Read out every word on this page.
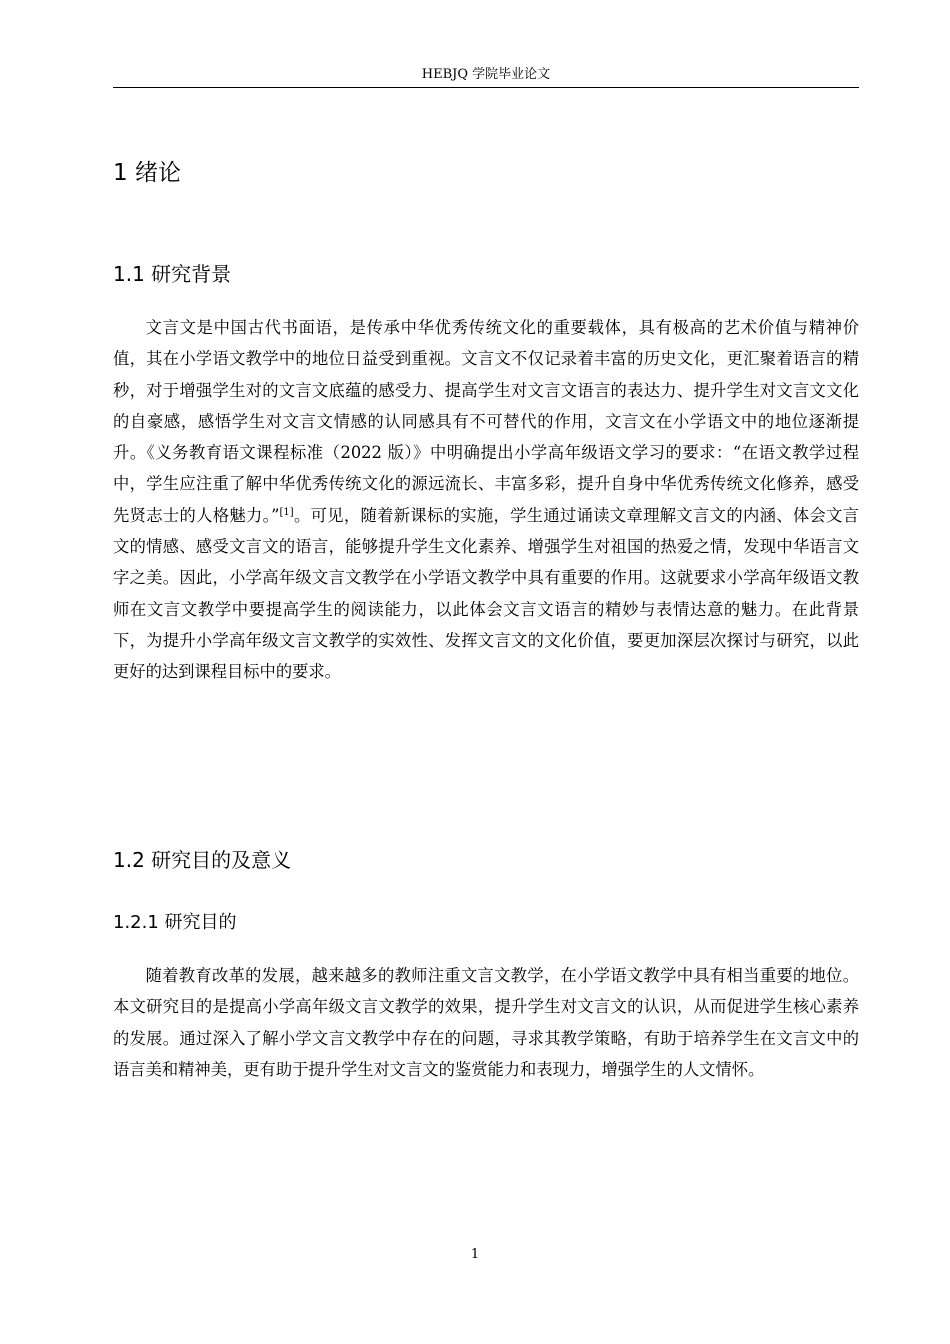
HEBJQ 学院毕业论文
1 绪论
1.1 研究背景

文言文是中国古代书面语，是传承中华优秀传统文化的重要载体，具有极高的艺术价值与精神价值，其在小学语文教学中的地位日益受到重视。文言文不仅记录着丰富的历史文化，更汇聚着语言的精秒，对于增强学生对的文言文底蕴的感受力、提高学生对文言文语言的表达力、提升学生对文言文文化的自豪感，感悟学生对文言文情感的认同感具有不可替代的作用，文言文在小学语文中的地位逐渐提升。《义务教育语文课程标准（2022 版）》中明确提出小学高年级语文学习的要求：“在语文教学过程中，学生应注重了解中华优秀传统文化的源远流长、丰富多彩，提升自身中华优秀传统文化修养，感受先贤志士的人格魅力。”[1]。可见，随着新课标的实施，学生通过诵读文章理解文言文的内涵、体会文言文的情感、感受文言文的语言，能够提升学生文化素养、增强学生对祖国的热爱之情，发现中华语言文字之美。因此，小学高年级文言文教学在小学语文教学中具有重要的作用。这就要求小学高年级语文教师在文言文教学中要提高学生的阅读能力，以此体会文言文语言的精妙与表情达意的魅力。在此背景下，为提升小学高年级文言文教学的实效性、发挥文言文的文化价值，要更加深层次探讨与研究，以此更好的达到课程目标中的要求。

1.2 研究目的及意义
1.2.1 研究目的

随着教育改革的发展，越来越多的教师注重文言文教学，在小学语文教学中具有相当重要的地位。本文研究目的是提高小学高年级文言文教学的效果，提升学生对文言文的认识，从而促进学生核心素养的发展。通过深入了解小学文言文教学中存在的问题，寻求其教学策略，有助于培养学生在文言文中的语言美和精神美，更有助于提升学生对文言文的鉴赏能力和表现力，增强学生的人文情怀。

1
